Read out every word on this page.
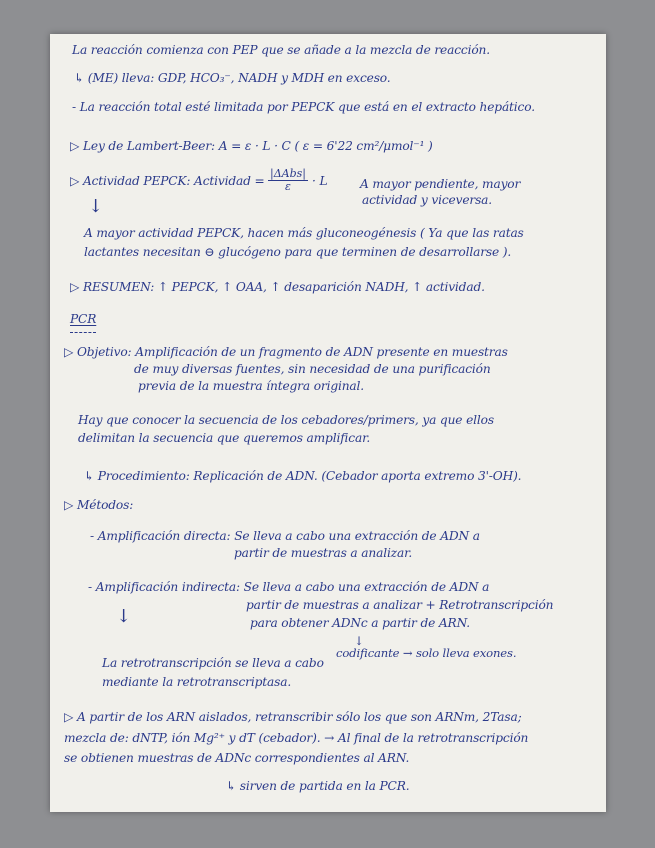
La reacción comienza con PEP que se añade a la mezcla de reacción.
↳ (ME) lleva: GDP, HCO₃⁻, NADH y MDH en exceso.
- La reacción total esté limitada por PEPCK que está en el extracto hepático.
▷ Ley de Lambert-Beer: A = ε · L · C ( ε = 6'22 cm²/μmol⁻¹ )
▷ Actividad PEPCK: Actividad =
|ΔAbs|
ε	· L	A mayor pendiente, mayor
actividad y viceversa.
↓
A mayor actividad PEPCK, hacen más gluconeogénesis ( Ya que las ratas
lactantes necesitan ⊖ glucógeno para que terminen de desarrollarse ).
▷ RESUMEN: ↑ PEPCK, ↑ OAA, ↑ desaparición NADH, ↑ actividad.
PCR
▷ Objetivo: Amplificación de un fragmento de ADN presente en muestras
de muy diversas fuentes, sin necesidad de una purificación
previa de la muestra íntegra original.
Hay que conocer la secuencia de los cebadores/primers, ya que ellos
delimitan la secuencia que queremos amplificar.
↳ Procedimiento: Replicación de ADN. (Cebador aporta extremo 3'-OH).
▷ Métodos:
- Amplificación directa: Se lleva a cabo una extracción de ADN a
partir de muestras a analizar.
- Amplificación indirecta: Se lleva a cabo una extracción de ADN a
partir de muestras a analizar + Retrotranscripción
para obtener ADNc a partir de ARN.
↓
↓
codificante → solo lleva exones.
La retrotranscripción se lleva a cabo
mediante la retrotranscriptasa.
▷ A partir de los ARN aislados, retranscribir sólo los que son ARNm, 2Tasa;
mezcla de: dNTP, ión Mg²⁺ y dT (cebador). → Al final de la retrotranscripción
se obtienen muestras de ADNc correspondientes al ARN.
↳ sirven de partida en la PCR.
